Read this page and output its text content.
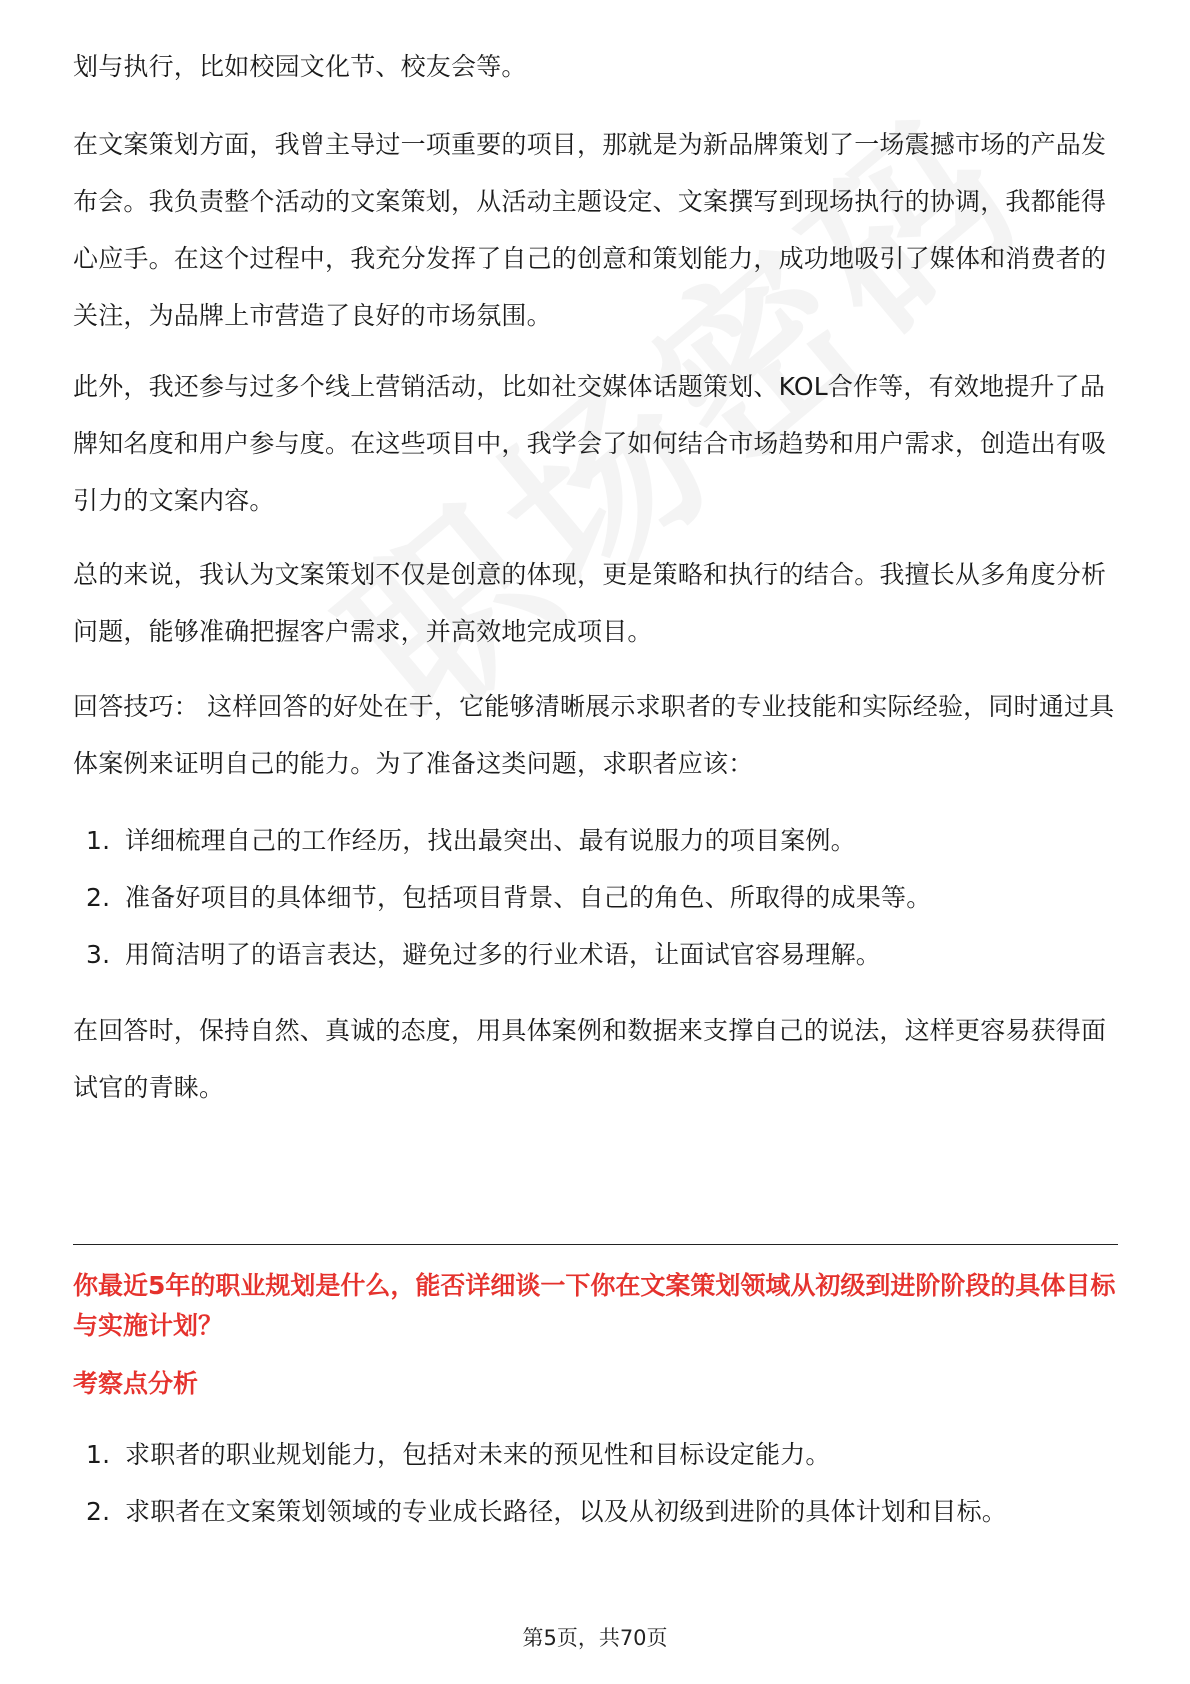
划与执行，比如校园文化节、校友会等。

在文案策划方面，我曾主导过一项重要的项目，那就是为新品牌策划了一场震撼市场的产品发布会。我负责整个活动的文案策划，从活动主题设定、文案撰写到现场执行的协调，我都能得心应手。在这个过程中，我充分发挥了自己的创意和策划能力，成功地吸引了媒体和消费者的关注，为品牌上市营造了良好的市场氛围。

此外，我还参与过多个线上营销活动，比如社交媒体话题策划、KOL合作等，有效地提升了品牌知名度和用户参与度。在这些项目中，我学会了如何结合市场趋势和用户需求，创造出有吸引力的文案内容。

总的来说，我认为文案策划不仅是创意的体现，更是策略和执行的结合。我擅长从多角度分析问题，能够准确把握客户需求，并高效地完成项目。

回答技巧： 这样回答的好处在于，它能够清晰展示求职者的专业技能和实际经验，同时通过具体案例来证明自己的能力。为了准备这类问题，求职者应该：

1. 详细梳理自己的工作经历，找出最突出、最有说服力的项目案例。
2. 准备好项目的具体细节，包括项目背景、自己的角色、所取得的成果等。
3. 用简洁明了的语言表达，避免过多的行业术语，让面试官容易理解。

在回答时，保持自然、真诚的态度，用具体案例和数据来支撑自己的说法，这样更容易获得面试官的青睐。

你最近5年的职业规划是什么，能否详细谈一下你在文案策划领域从初级到进阶阶段的具体目标与实施计划？

考察点分析

1. 求职者的职业规划能力，包括对未来的预见性和目标设定能力。
2. 求职者在文案策划领域的专业成长路径，以及从初级到进阶的具体计划和目标。
第5页，共70页
